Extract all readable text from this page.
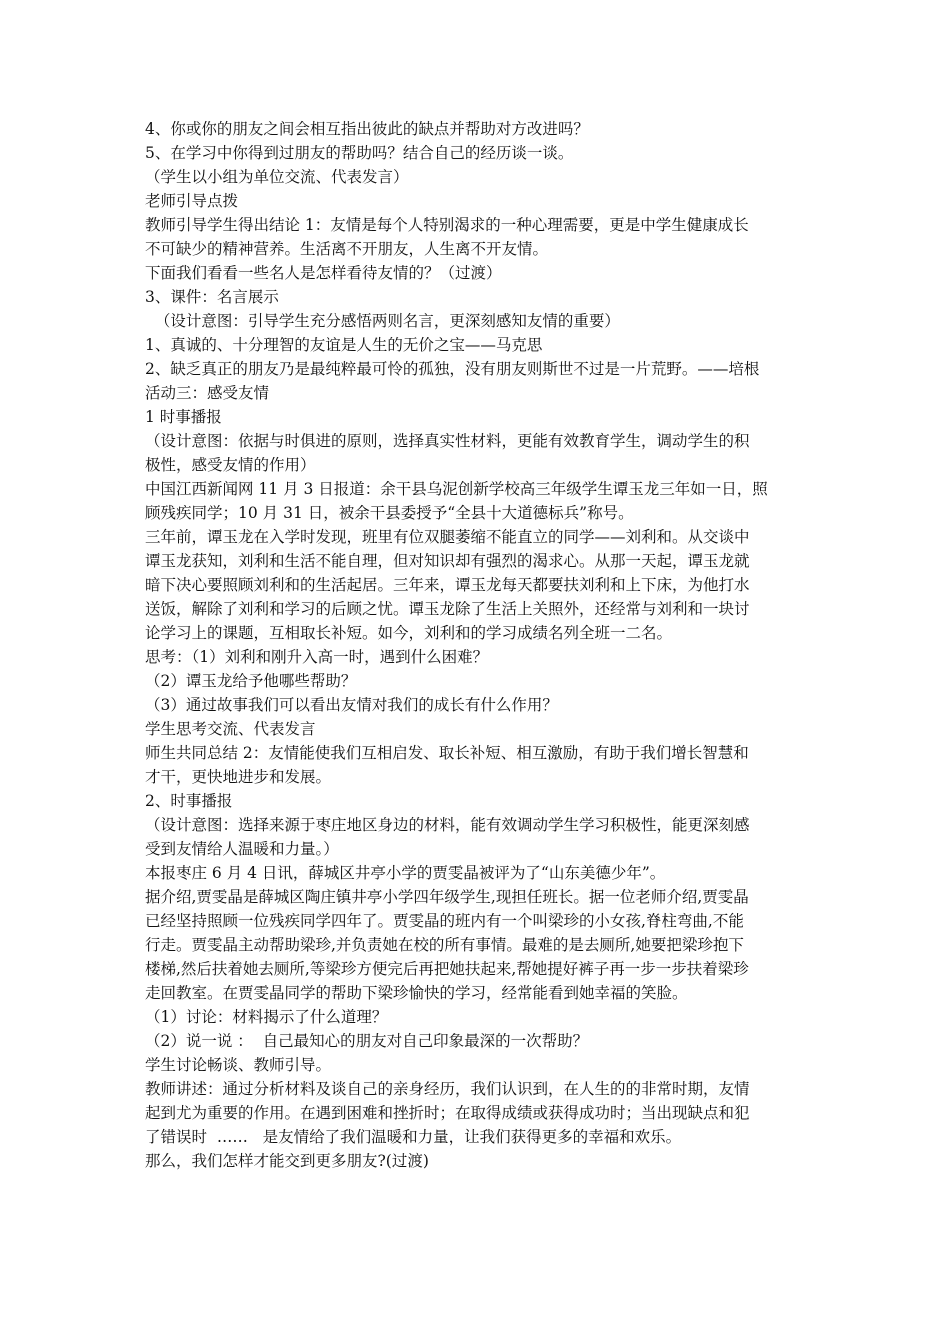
4、你或你的朋友之间会相互指出彼此的缺点并帮助对方改进吗？
5、在学习中你得到过朋友的帮助吗？结合自己的经历谈一谈。
（学生以小组为单位交流、代表发言）
老师引导点拨
教师引导学生得出结论 1：友情是每个人特别渴求的一种心理需要，更是中学生健康成长
不可缺少的精神营养。生活离不开朋友，人生离不开友情。
下面我们看看一些名人是怎样看待友情的？（过渡）
3、课件：名言展示
（设计意图：引导学生充分感悟两则名言，更深刻感知友情的重要）
1、真诚的、十分理智的友谊是人生的无价之宝——马克思
2、缺乏真正的朋友乃是最纯粹最可怜的孤独，没有朋友则斯世不过是一片荒野。——培根
活动三：感受友情
1 时事播报
（设计意图：依据与时俱进的原则，选择真实性材料，更能有效教育学生，调动学生的积
极性，感受友情的作用）
中国江西新闻网 11 月 3 日报道：余干县乌泥创新学校高三年级学生谭玉龙三年如一日，照
顾残疾同学；10 月 31 日，被余干县委授予“全县十大道德标兵”称号。
三年前，谭玉龙在入学时发现，班里有位双腿萎缩不能直立的同学——刘利和。从交谈中
谭玉龙获知，刘利和生活不能自理，但对知识却有强烈的渴求心。从那一天起，谭玉龙就
暗下决心要照顾刘利和的生活起居。三年来，谭玉龙每天都要扶刘利和上下床，为他打水
送饭，解除了刘利和学习的后顾之忧。谭玉龙除了生活上关照外，还经常与刘利和一块讨
论学习上的课题，互相取长补短。如今，刘利和的学习成绩名列全班一二名。
思考：（1）刘利和刚升入高一时，遇到什么困难？
（2）谭玉龙给予他哪些帮助？
（3）通过故事我们可以看出友情对我们的成长有什么作用？
学生思考交流、代表发言
师生共同总结 2：友情能使我们互相启发、取长补短、相互激励，有助于我们增长智慧和
才干，更快地进步和发展。
2、时事播报
（设计意图：选择来源于枣庄地区身边的材料，能有效调动学生学习积极性，能更深刻感
受到友情给人温暖和力量。）
本报枣庄 6 月 4 日讯，薛城区井亭小学的贾雯晶被评为了“山东美德少年”。
据介绍,贾雯晶是薛城区陶庄镇井亭小学四年级学生,现担任班长。据一位老师介绍,贾雯晶
已经坚持照顾一位残疾同学四年了。贾雯晶的班内有一个叫梁珍的小女孩,脊柱弯曲,不能
行走。贾雯晶主动帮助梁珍,并负责她在校的所有事情。最难的是去厕所,她要把梁珍抱下
楼梯,然后扶着她去厕所,等梁珍方便完后再把她扶起来,帮她提好裤子再一步一步扶着梁珍
走回教室。在贾雯晶同学的帮助下梁珍愉快的学习，经常能看到她幸福的笑脸。
（1）讨论：材料揭示了什么道理？
（2）说一说 ：  自己最知心的朋友对自己印象最深的一次帮助？
学生讨论畅谈、教师引导。
教师讲述：通过分析材料及谈自己的亲身经历，我们认识到，在人生的的非常时期，友情
起到尤为重要的作用。在遇到困难和挫折时；在取得成绩或获得成功时；当出现缺点和犯
了错误时  ……   是友情给了我们温暖和力量，让我们获得更多的幸福和欢乐。
那么，我们怎样才能交到更多朋友?(过渡)
